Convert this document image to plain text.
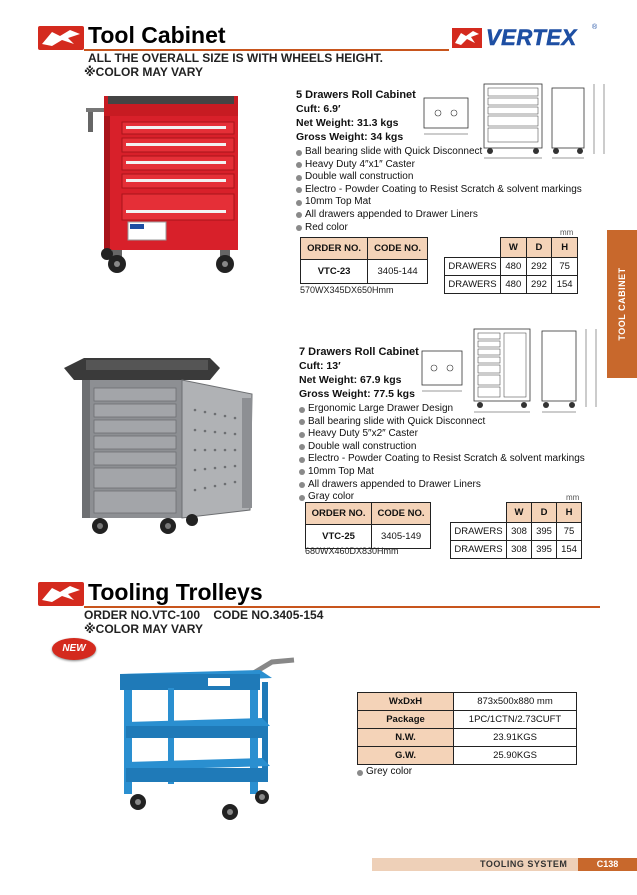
Tool Cabinet
ALL THE OVERALL SIZE IS WITH WHEELS HEIGHT.
※COLOR MAY VARY
VERTEX ®
5 Drawers Roll Cabinet
Cuft: 6.9′
Net Weight: 31.3 kgs
Gross Weight: 34 kgs
Ball bearing slide with Quick Disconnect
Heavy Duty 4″x1″ Caster
Double wall construction
Electro - Powder Coating to Resist Scratch & solvent markings
10mm Top Mat
All drawers appended to Drawer Liners
Red color
ORDER NO.	CODE NO.
VTC-23	3405-144
570WX345DX650Hmm
mm
	W	D	H
DRAWERS	480	292	75
DRAWERS	480	292	154	TOOL CABINET
7 Drawers Roll Cabinet
Cuft: 13′
Net Weight: 67.9 kgs
Gross Weight: 77.5 kgs
Ergonomic Large Drawer Design
Ball bearing slide with Quick Disconnect
Heavy Duty 5″x2″ Caster
Double wall construction
Electro - Powder Coating to Resist Scratch & solvent markings
10mm Top Mat
All drawers appended to Drawer Liners
Gray color
ORDER NO.	CODE NO.
VTC-25	3405-149
680WX460DX830Hmm
mm
	W	D	H
DRAWERS	308	395	75
DRAWERS	308	395	154
Tooling Trolleys
ORDER NO.VTC-100    CODE NO.3405-154
※COLOR MAY VARY
NEW
WxDxH	873x500x880 mm
Package	1PC/1CTN/2.73CUFT
N.W.	23.91KGS
G.W.	25.90KGS
Grey color
TOOLING SYSTEM	C138
